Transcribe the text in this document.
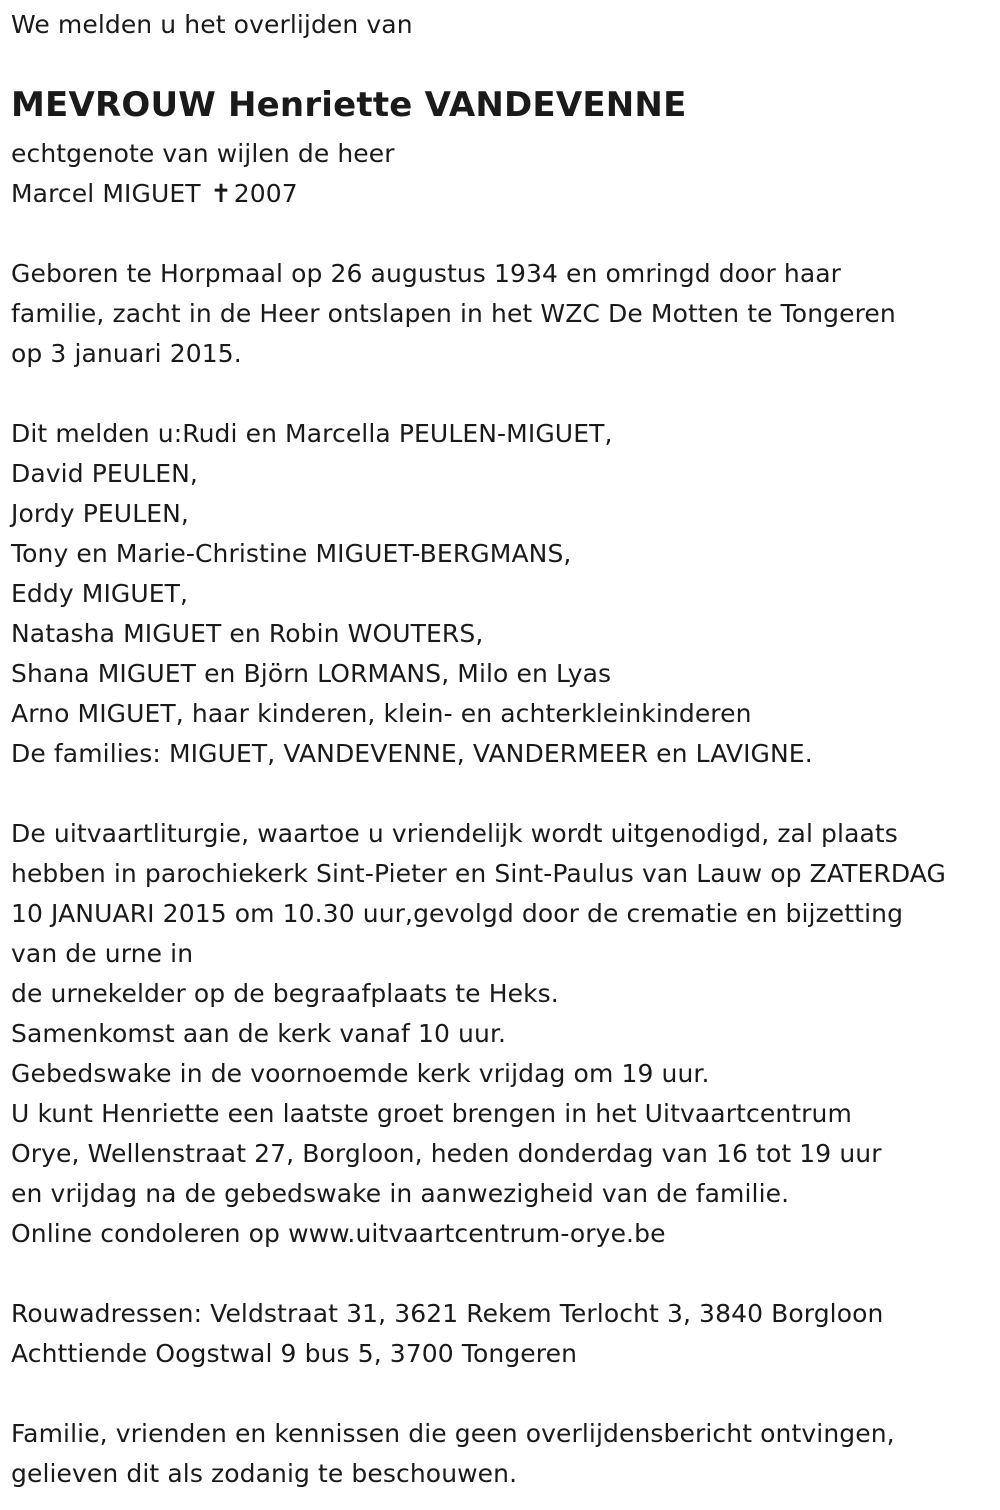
We melden u het overlijden van
MEVROUW Henriette VANDEVENNE
echtgenote van wijlen de heer
Marcel MIGUET ✝2007
Geboren te Horpmaal op 26 augustus 1934 en omringd door haar
familie, zacht in de Heer ontslapen in het WZC De Motten te Tongeren
op 3 januari 2015.
Dit melden u:Rudi en Marcella PEULEN-MIGUET,
David PEULEN,
Jordy PEULEN,
Tony en Marie-Christine MIGUET-BERGMANS,
Eddy MIGUET,
Natasha MIGUET en Robin WOUTERS,
Shana MIGUET en Björn LORMANS, Milo en Lyas
Arno MIGUET, haar kinderen, klein- en achterkleinkinderen
De families: MIGUET, VANDEVENNE, VANDERMEER en LAVIGNE.
De uitvaartliturgie, waartoe u vriendelijk wordt uitgenodigd, zal plaats
hebben in parochiekerk Sint-Pieter en Sint-Paulus van Lauw op ZATERDAG
10 JANUARI 2015 om 10.30 uur,gevolgd door de crematie en bijzetting
van de urne in
de urnekelder op de begraafplaats te Heks.
Samenkomst aan de kerk vanaf 10 uur.
Gebedswake in de voornoemde kerk vrijdag om 19 uur.
U kunt Henriette een laatste groet brengen in het Uitvaartcentrum
Orye, Wellenstraat 27, Borgloon, heden donderdag van 16 tot 19 uur
en vrijdag na de gebedswake in aanwezigheid van de familie.
Online condoleren op www.uitvaartcentrum-orye.be
Rouwadressen: Veldstraat 31, 3621 Rekem Terlocht 3, 3840 Borgloon
Achttiende Oogstwal 9 bus 5, 3700 Tongeren
Familie, vrienden en kennissen die geen overlijdensbericht ontvingen,
gelieven dit als zodanig te beschouwen.
